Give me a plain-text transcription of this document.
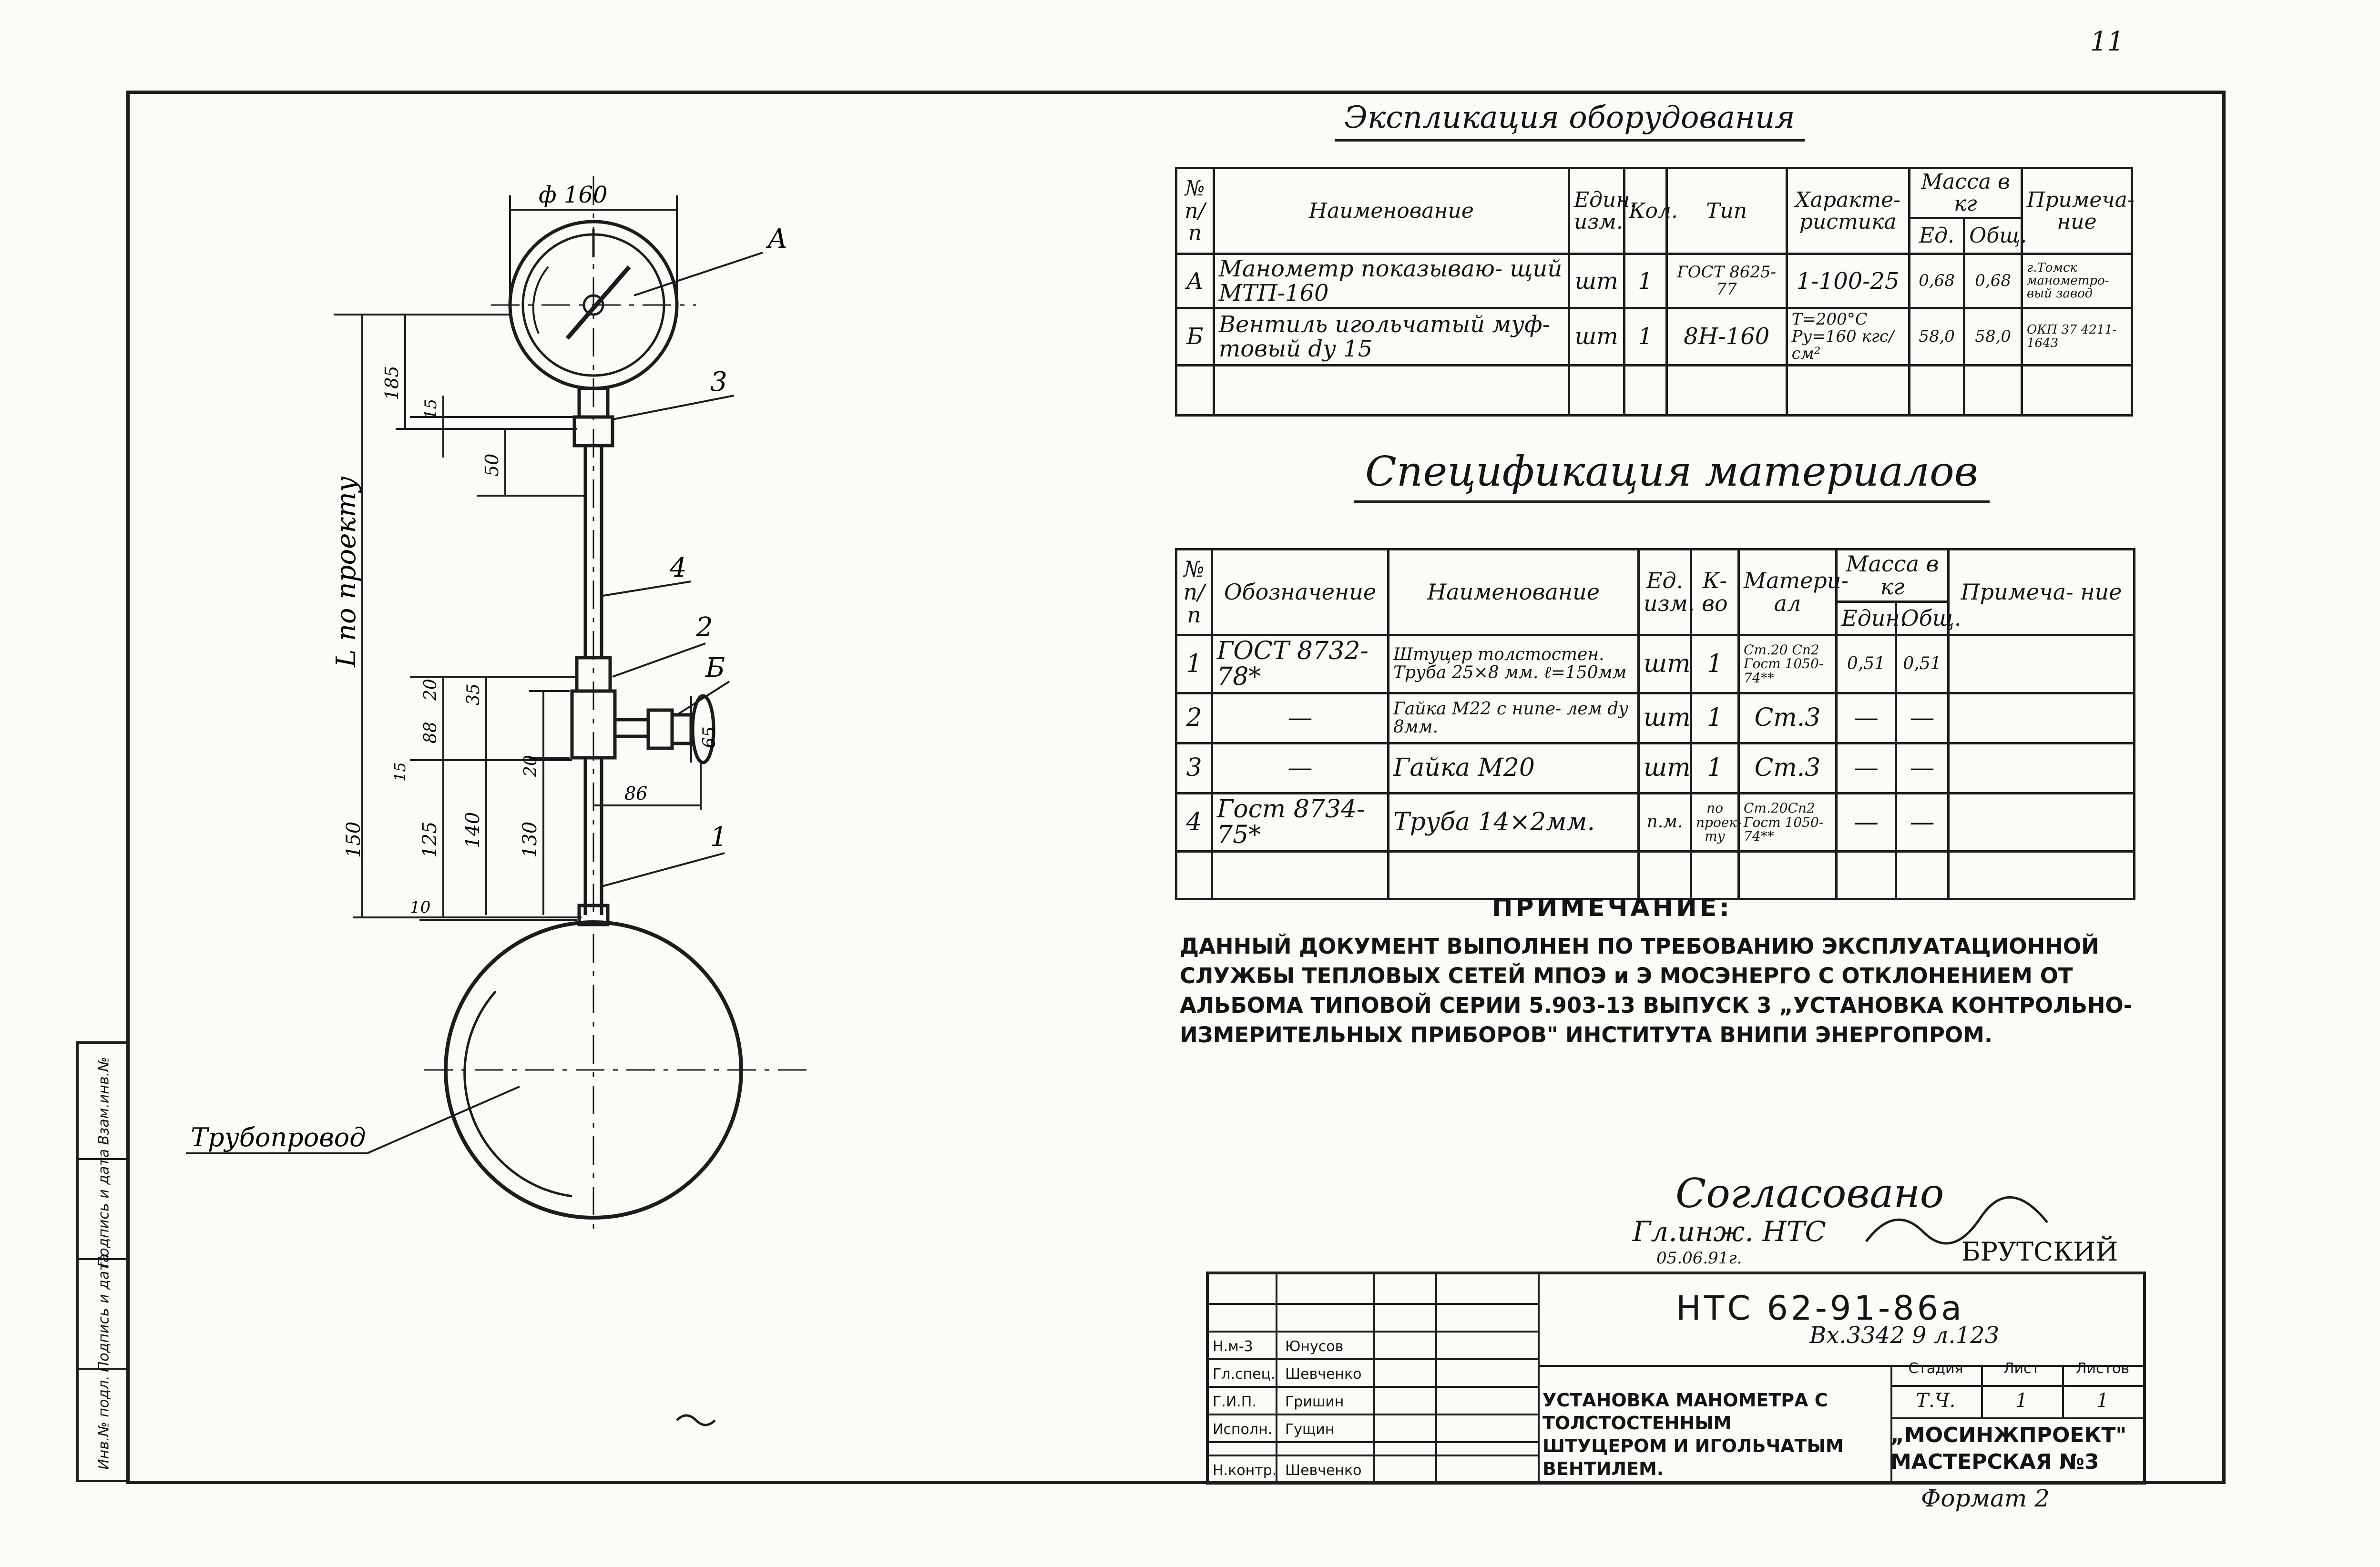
11
Взам.инв.№
Подпись и дата
Подпись и дата
Инв.№ подл.
ф 160
L по проекту
185
15
50
20 35
88
20
65
86
15
150	125 140 130
10
А
3
4
2
Б
1
Трубопровод
Экспликация оборудования
№ п/п	Наименование	Един. изм.	Кол.	Тип	Характе- ристика	Масса в кг		Примеча- ние
						Ед.	Общ.	
А	Манометр показываю- щий МТП-160	шт	1	ГОСТ 8625-77	1-100-25	0,68	0,68	г.Томск манометро- вый завод
Б	Вентиль игольчатый муф- товый dу 15	шт	1	8Н-160	Т=200°С Ру=160 кгс/см²	58,0	58,0	ОКП 37 4211-1643

Спецификация материалов
№ п/п	Обозначение	Наименование	Ед. изм.	К-во	Матери- ал	Масса в кг		Примеча- ние
						Един.	Общ.	
1	ГОСТ 8732-78*	Штуцер толстостен. Труба 25×8 мм. ℓ=150мм	шт	1	Ст.20 Сп2 Гост 1050-74**	0,51	0,51	
2	—	Гайка М22 с нипе- лем dу 8мм.	шт	1	Ст.3	—	—	
3	—	Гайка М20	шт	1	Ст.3	—	—	
4	Гост 8734-75*	Труба 14×2мм.	п.м.	по проек- ту	Ст.20Сп2 Гост 1050-74**	—	—	

ПРИМЕЧАНИЕ:
ДАННЫЙ ДОКУМЕНТ ВЫПОЛНЕН ПО ТРЕБОВАНИЮ ЭКСПЛУАТАЦИОННОЙ СЛУЖБЫ ТЕПЛОВЫХ СЕТЕЙ МПОЭ и Э МОСЭНЕРГО С ОТКЛОНЕНИЕМ ОТ АЛЬБОМА ТИПОВОЙ СЕРИИ 5.903-13 ВЫПУСК 3 „УСТАНОВКА КОНТРОЛЬНО-ИЗМЕРИТЕЛЬНЫХ ПРИБОРОВ" ИНСТИТУТА ВНИПИ ЭНЕРГОПРОМ.
Согласовано
Гл.инж. НТС
05.06.91г.	БРУТСКИЙ
Н.м-3 Юнусов
Гл.спец. Шевченко
Г.И.П. Гришин
Исполн. Гущин
Н.контр. Шевченко
НТС 62-91-86а
Вх.3342 9 л.123
УСТАНОВКА МАНОМЕТРА С ТОЛСТОСТЕННЫМ ШТУЦЕРОМ И ИГОЛЬЧАТЫМ ВЕНТИЛЕМ.
Стадия	Лист	Листов
Т.Ч.	1	1
„МОСИНЖПРОЕКТ" МАСТЕРСКАЯ №3
Формат 2
